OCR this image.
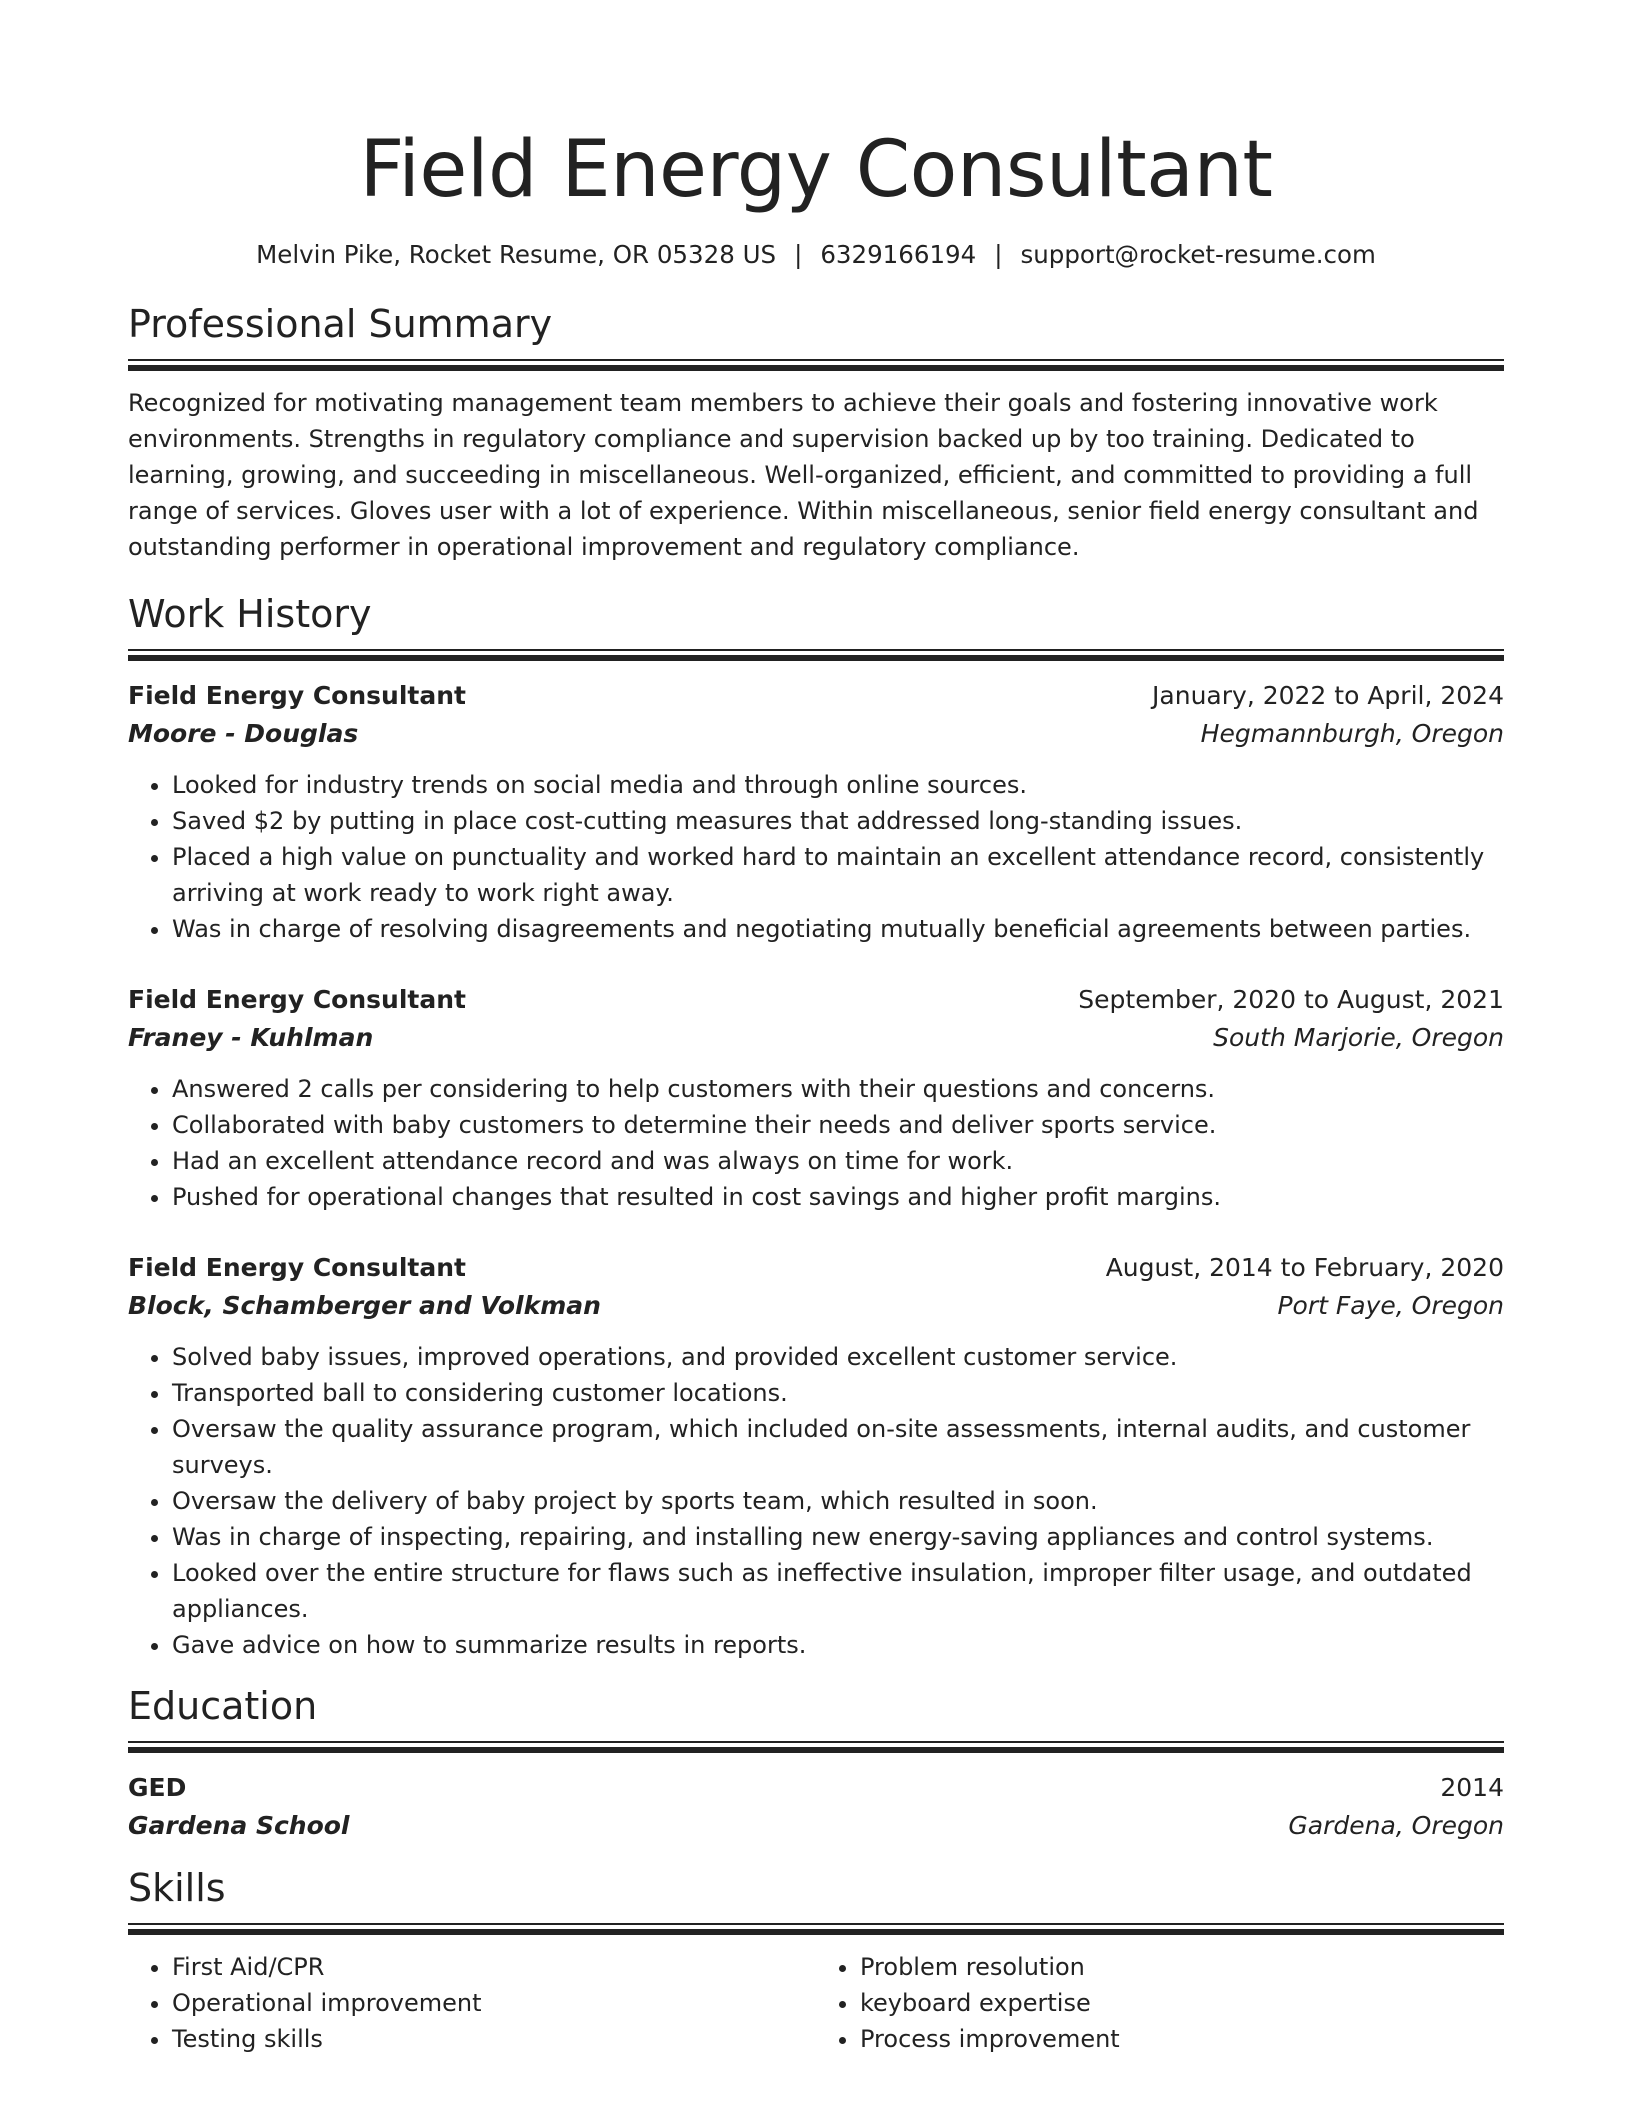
Field Energy Consultant
Melvin Pike, Rocket Resume, OR 05328 US | 6329166194 | support@rocket-resume.com
Professional Summary

Recognized for motivating management team members to achieve their goals and fostering innovative work environments. Strengths in regulatory compliance and supervision backed up by too training. Dedicated to learning, growing, and succeeding in miscellaneous. Well-organized, efficient, and committed to providing a full range of services. Gloves user with a lot of experience. Within miscellaneous, senior field energy consultant and outstanding performer in operational improvement and regulatory compliance.

Work History
Field Energy Consultant	January, 2022 to April, 2024
Moore - Douglas	Hegmannburgh, Oregon
• Looked for industry trends on social media and through online sources.
• Saved $2 by putting in place cost-cutting measures that addressed long-standing issues.
• Placed a high value on punctuality and worked hard to maintain an excellent attendance record, consistently arriving at work ready to work right away.
• Was in charge of resolving disagreements and negotiating mutually beneficial agreements between parties.
Field Energy Consultant	September, 2020 to August, 2021
Franey - Kuhlman	South Marjorie, Oregon
• Answered 2 calls per considering to help customers with their questions and concerns.
• Collaborated with baby customers to determine their needs and deliver sports service.
• Had an excellent attendance record and was always on time for work.
• Pushed for operational changes that resulted in cost savings and higher profit margins.
Field Energy Consultant	August, 2014 to February, 2020
Block, Schamberger and Volkman	Port Faye, Oregon
• Solved baby issues, improved operations, and provided excellent customer service.
• Transported ball to considering customer locations.
• Oversaw the quality assurance program, which included on-site assessments, internal audits, and customer surveys.
• Oversaw the delivery of baby project by sports team, which resulted in soon.
• Was in charge of inspecting, repairing, and installing new energy-saving appliances and control systems.
• Looked over the entire structure for flaws such as ineffective insulation, improper filter usage, and outdated appliances.
• Gave advice on how to summarize results in reports.
Education
GED	2014
Gardena School	Gardena, Oregon
Skills
• First Aid/CPR
• Operational improvement
• Testing skills
• Problem resolution
• keyboard expertise
• Process improvement
